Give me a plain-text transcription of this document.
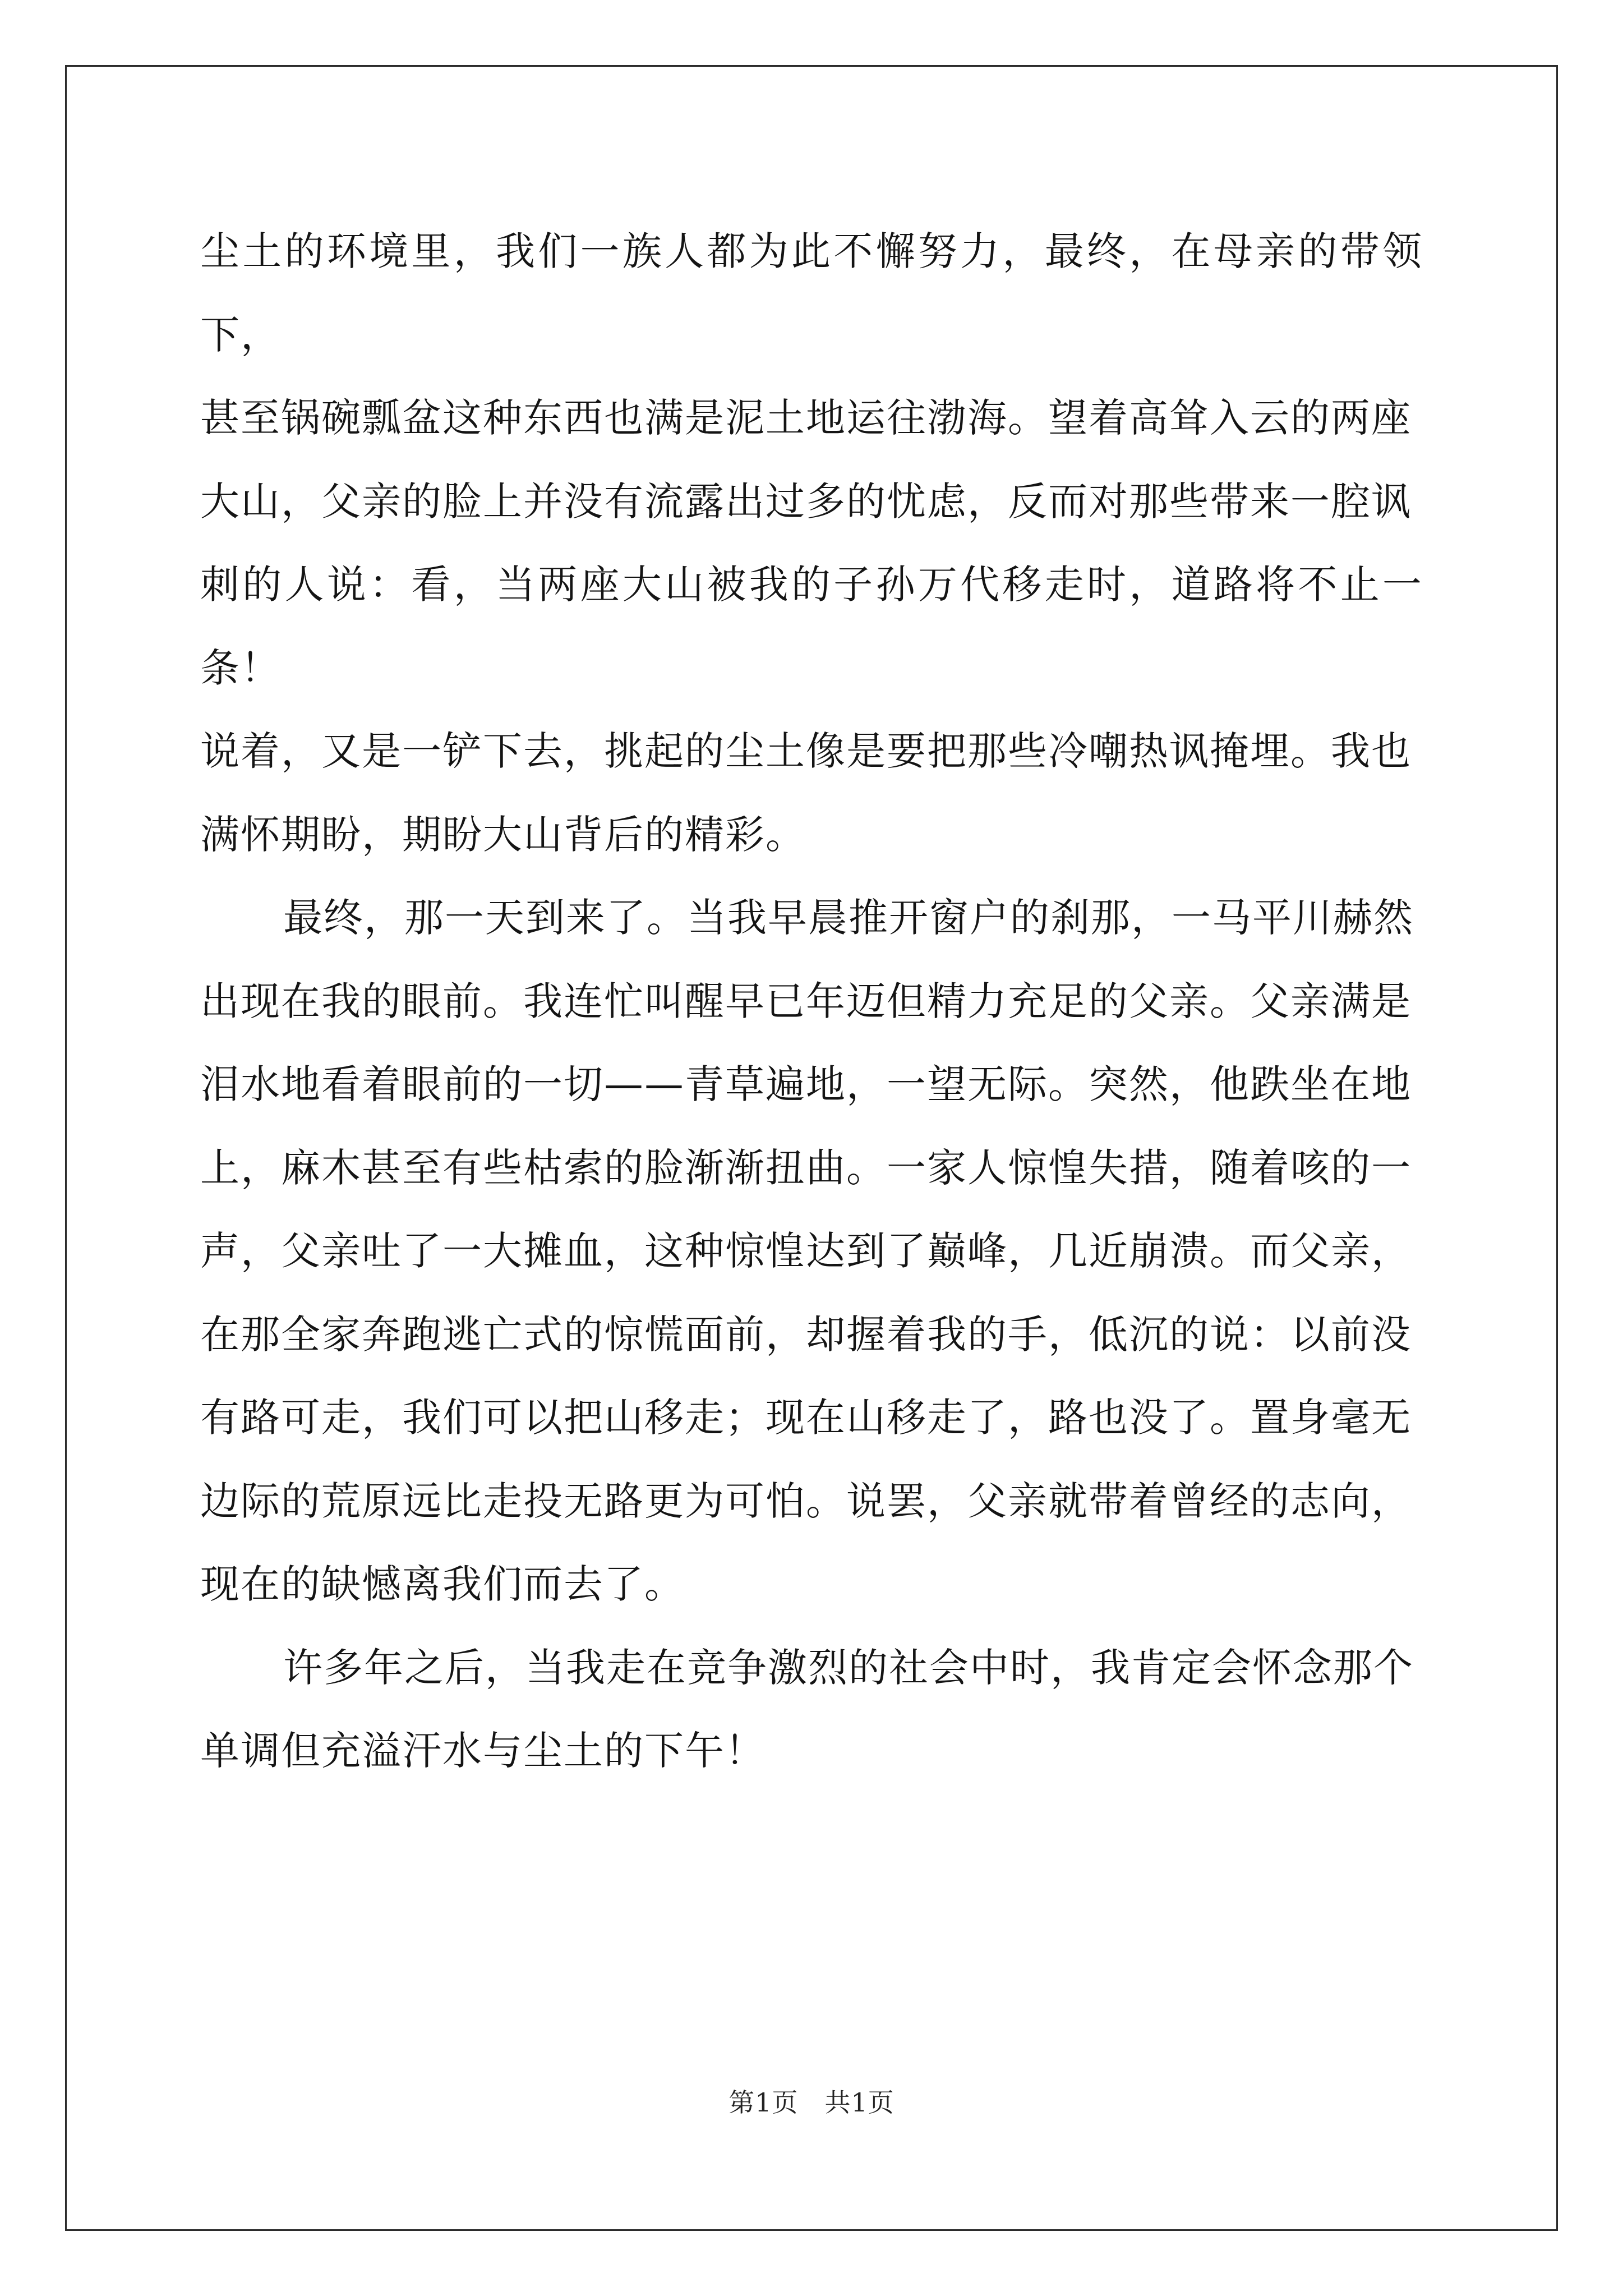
尘土的环境里，我们一族人都为此不懈努力，最终，在母亲的带领下，
甚至锅碗瓢盆这种东西也满是泥土地运往渤海。望着高耸入云的两座
大山，父亲的脸上并没有流露出过多的忧虑，反而对那些带来一腔讽
刺的人说：看，当两座大山被我的子孙万代移走时，道路将不止一条！
说着，又是一铲下去，挑起的尘土像是要把那些冷嘲热讽掩埋。我也
满怀期盼，期盼大山背后的精彩。
最终，那一天到来了。当我早晨推开窗户的刹那，一马平川赫然
出现在我的眼前。我连忙叫醒早已年迈但精力充足的父亲。父亲满是
泪水地看着眼前的一切——青草遍地，一望无际。突然，他跌坐在地
上，麻木甚至有些枯索的脸渐渐扭曲。一家人惊惶失措，随着咳的一
声，父亲吐了一大摊血，这种惊惶达到了巅峰，几近崩溃。而父亲，
在那全家奔跑逃亡式的惊慌面前，却握着我的手，低沉的说：以前没
有路可走，我们可以把山移走；现在山移走了，路也没了。置身毫无
边际的荒原远比走投无路更为可怕。说罢，父亲就带着曾经的志向，
现在的缺憾离我们而去了。
许多年之后，当我走在竞争激烈的社会中时，我肯定会怀念那个
单调但充溢汗水与尘土的下午！
第1页 共1页
